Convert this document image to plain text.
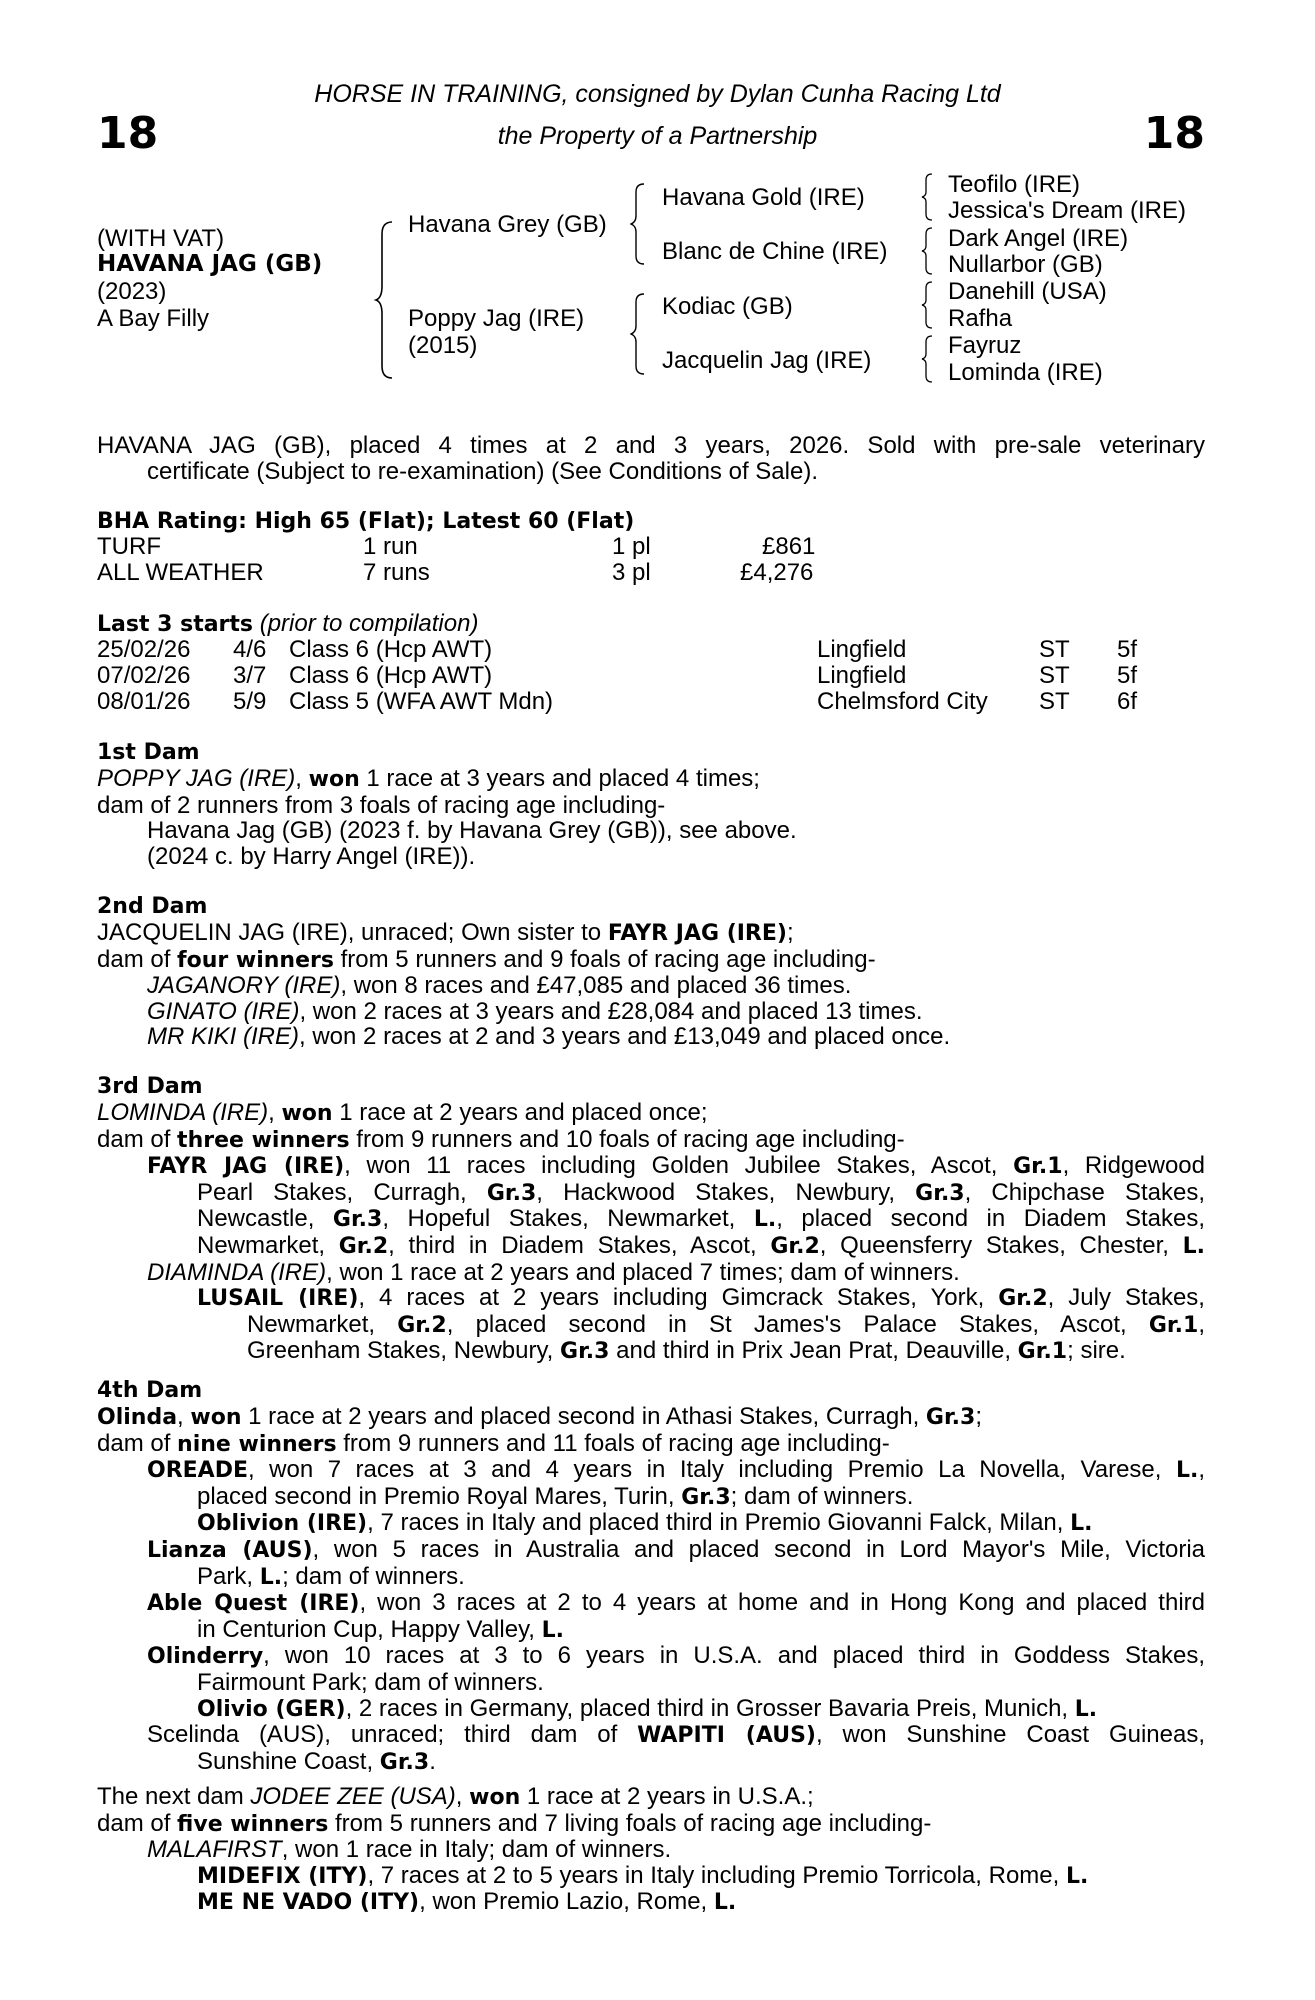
18	18
HORSE IN TRAINING, consigned by Dylan Cunha Racing Ltd
the Property of a Partnership
(WITH VAT)
HAVANA JAG (GB)
(2023)
A Bay Filly
Havana Grey (GB)
Poppy Jag (IRE)
(2015)
Havana Gold (IRE)
Blanc de Chine (IRE)
Kodiac (GB)
Jacquelin Jag (IRE)
Teofilo (IRE)
Jessica's Dream (IRE)
Dark Angel (IRE)
Nullarbor (GB)
Danehill (USA)
Rafha
Fayruz
Lominda (IRE)
HAVANA JAG (GB), placed 4 times at 2 and 3 years, 2026. Sold with pre-sale veterinary
certificate (Subject to re-examination) (See Conditions of Sale).
BHA Rating: High 65 (Flat); Latest 60 (Flat)
TURF	1 run	1 pl	£861
ALL WEATHER	7 runs	3 pl	£4,276
Last 3 starts (prior to compilation)
25/02/26 4/6 Class 6 (Hcp AWT)	Lingfield	ST 5f
07/02/26 3/7 Class 6 (Hcp AWT)	Lingfield	ST 5f
08/01/26 5/9 Class 5 (WFA AWT Mdn)	Chelmsford City ST 6f
1st Dam
POPPY JAG (IRE), won 1 race at 3 years and placed 4 times;
dam of 2 runners from 3 foals of racing age including-
Havana Jag (GB) (2023 f. by Havana Grey (GB)), see above.
(2024 c. by Harry Angel (IRE)).
2nd Dam
JACQUELIN JAG (IRE), unraced; Own sister to FAYR JAG (IRE);
dam of four winners from 5 runners and 9 foals of racing age including-
JAGANORY (IRE), won 8 races and £47,085 and placed 36 times.
GINATO (IRE), won 2 races at 3 years and £28,084 and placed 13 times.
MR KIKI (IRE), won 2 races at 2 and 3 years and £13,049 and placed once.
3rd Dam
LOMINDA (IRE), won 1 race at 2 years and placed once;
dam of three winners from 9 runners and 10 foals of racing age including-
FAYR JAG (IRE), won 11 races including Golden Jubilee Stakes, Ascot, Gr.1, Ridgewood
Pearl Stakes, Curragh, Gr.3, Hackwood Stakes, Newbury, Gr.3, Chipchase Stakes,
Newcastle, Gr.3, Hopeful Stakes, Newmarket, L., placed second in Diadem Stakes,
Newmarket, Gr.2, third in Diadem Stakes, Ascot, Gr.2, Queensferry Stakes, Chester, L.
DIAMINDA (IRE), won 1 race at 2 years and placed 7 times; dam of winners.
LUSAIL (IRE), 4 races at 2 years including Gimcrack Stakes, York, Gr.2, July Stakes,
Newmarket, Gr.2, placed second in St James's Palace Stakes, Ascot, Gr.1,
Greenham Stakes, Newbury, Gr.3 and third in Prix Jean Prat, Deauville, Gr.1; sire.
4th Dam
Olinda, won 1 race at 2 years and placed second in Athasi Stakes, Curragh, Gr.3;
dam of nine winners from 9 runners and 11 foals of racing age including-
OREADE, won 7 races at 3 and 4 years in Italy including Premio La Novella, Varese, L.,
placed second in Premio Royal Mares, Turin, Gr.3; dam of winners.
Oblivion (IRE), 7 races in Italy and placed third in Premio Giovanni Falck, Milan, L.
Lianza (AUS), won 5 races in Australia and placed second in Lord Mayor's Mile, Victoria
Park, L.; dam of winners.
Able Quest (IRE), won 3 races at 2 to 4 years at home and in Hong Kong and placed third
in Centurion Cup, Happy Valley, L.
Olinderry, won 10 races at 3 to 6 years in U.S.A. and placed third in Goddess Stakes,
Fairmount Park; dam of winners.
Olivio (GER), 2 races in Germany, placed third in Grosser Bavaria Preis, Munich, L.
Scelinda (AUS), unraced; third dam of WAPITI (AUS), won Sunshine Coast Guineas,
Sunshine Coast, Gr.3.
The next dam JODEE ZEE (USA), won 1 race at 2 years in U.S.A.;
dam of five winners from 5 runners and 7 living foals of racing age including-
MALAFIRST, won 1 race in Italy; dam of winners.
MIDEFIX (ITY), 7 races at 2 to 5 years in Italy including Premio Torricola, Rome, L.
ME NE VADO (ITY), won Premio Lazio, Rome, L.
